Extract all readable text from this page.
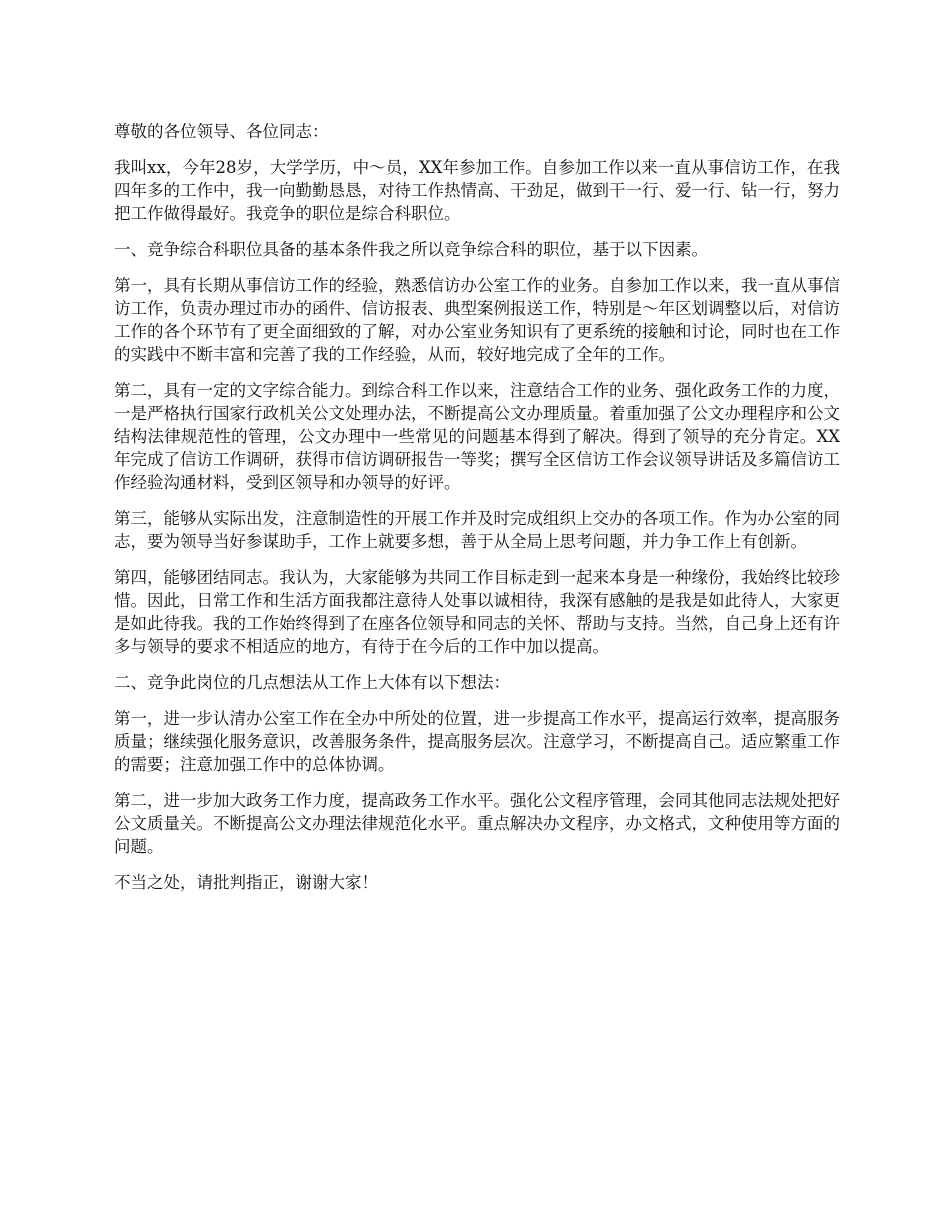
尊敬的各位领导、各位同志：

我叫xx，今年28岁，大学学历，中～员，XX年参加工作。自参加工作以来一直从事信访工作，在我四年多的工作中，我一向勤勤恳恳，对待工作热情高、干劲足，做到干一行、爱一行、钻一行，努力把工作做得最好。我竞争的职位是综合科职位。

一、竞争综合科职位具备的基本条件我之所以竞争综合科的职位，基于以下因素。

第一，具有长期从事信访工作的经验，熟悉信访办公室工作的业务。自参加工作以来，我一直从事信访工作，负责办理过市办的函件、信访报表、典型案例报送工作，特别是～年区划调整以后，对信访工作的各个环节有了更全面细致的了解，对办公室业务知识有了更系统的接触和讨论，同时也在工作的实践中不断丰富和完善了我的工作经验，从而，较好地完成了全年的工作。

第二，具有一定的文字综合能力。到综合科工作以来，注意结合工作的业务、强化政务工作的力度，一是严格执行国家行政机关公文处理办法，不断提高公文办理质量。着重加强了公文办理程序和公文结构法律规范性的管理，公文办理中一些常见的问题基本得到了解决。得到了领导的充分肯定。XX年完成了信访工作调研，获得市信访调研报告一等奖；撰写全区信访工作会议领导讲话及多篇信访工作经验沟通材料，受到区领导和办领导的好评。

第三，能够从实际出发，注意制造性的开展工作并及时完成组织上交办的各项工作。作为办公室的同志，要为领导当好参谋助手，工作上就要多想，善于从全局上思考问题，并力争工作上有创新。

第四，能够团结同志。我认为，大家能够为共同工作目标走到一起来本身是一种缘份，我始终比较珍惜。因此，日常工作和生活方面我都注意待人处事以诚相待，我深有感触的是我是如此待人，大家更是如此待我。我的工作始终得到了在座各位领导和同志的关怀、帮助与支持。当然，自己身上还有许多与领导的要求不相适应的地方，有待于在今后的工作中加以提高。

二、竞争此岗位的几点想法从工作上大体有以下想法：

第一，进一步认清办公室工作在全办中所处的位置，进一步提高工作水平，提高运行效率，提高服务质量；继续强化服务意识，改善服务条件，提高服务层次。注意学习，不断提高自己。适应繁重工作的需要；注意加强工作中的总体协调。

第二，进一步加大政务工作力度，提高政务工作水平。强化公文程序管理，会同其他同志法规处把好公文质量关。不断提高公文办理法律规范化水平。重点解决办文程序，办文格式，文种使用等方面的问题。

不当之处，请批判指正，谢谢大家！
